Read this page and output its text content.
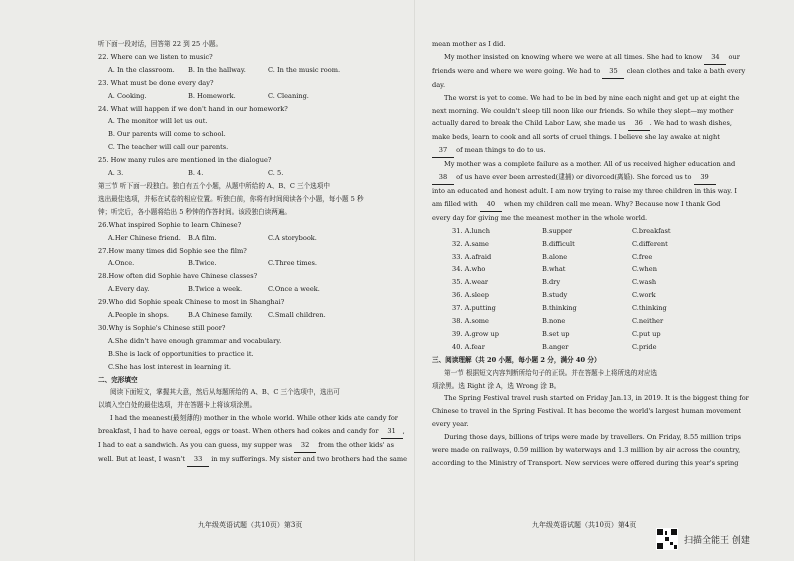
听下面一段对话，回答第 22 到 25 小题。
22. Where can we listen to music?
A. In the classroom.	B. In the hallway.	C. In the music room.
23. What must be done every day?
A. Cooking.	B. Homework.	C. Cleaning.
24. What will happen if we don't hand in our homework?
A. The monitor will let us out.
B. Our parents will come to school.
C. The teacher will call our parents.
25. How many rules are mentioned in the dialogue?
A. 3.	B. 4.	C. 5.
第三节 听下面一段独白。独白有五个小题，从题中所给的 A、B、C 三个选项中
选出最佳选项，并标在试卷的相应位置。听独白前，你将有时间阅读各个小题，每小题 5 秒
钟；听完后，各小题将给出 5 秒钟的作答时间。该段独白读两遍。
26.What inspired Sophie to learn Chinese?
A.Her Chinese friend.	B.A film.	C.A storybook.
27.How many times did Sophie see the film?
A.Once.	B.Twice.	C.Three times.
28.How often did Sophie have Chinese classes?
A.Every day.	B.Twice a week.	C.Once a week.
29.Who did Sophie speak Chinese to most in Shanghai?
A.People in shops.	B.A Chinese family.	C.Small children.
30.Why is Sophie's Chinese still poor?
A.She didn't have enough grammar and vocabulary.
B.She is lack of opportunities to practice it.
C.She has lost interest in learning it.
二、完形填空
阅读下面短文，掌握其大意，然后从每题所给的 A、B、C 三个选项中，选出可
以填入空白处的最佳选项，并在答题卡上将该项涂黑。
I had the meanest(最刻薄的) mother in the whole world. While other kids ate candy for
breakfast, I had to have cereal, eggs or toast. When others had cokes and candy for 31 ,
I had to eat a sandwich. As you can guess, my supper was 32 from the other kids' as
well. But at least, I wasn't 33 in my sufferings. My sister and two brothers had the same
九年级英语试题（共10页）第3页
mean mother as I did.
My mother insisted on knowing where we were at all times. She had to know 34 our
friends were and where we were going. We had to 35 clean clothes and take a bath every
day.
The worst is yet to come. We had to be in bed by nine each night and get up at eight the
next morning. We couldn't sleep till noon like our friends. So while they slept—my mother
actually dared to break the Child Labor Law, she made us 36 . We had to wash dishes,
make beds, learn to cook and all sorts of cruel things. I believe she lay awake at night
37 of mean things to do to us.
My mother was a complete failure as a mother. All of us received higher education and
38 of us have ever been arrested(逮捕) or divorced(离婚). She forced us to 39
into an educated and honest adult. I am now trying to raise my three children in this way. I
am filled with 40 when my children call me mean. Why? Because now I thank God
every day for giving me the meanest mother in the whole world.
31. A.lunch	B.supper	C.breakfast
32. A.same	B.difficult	C.different
33. A.afraid	B.alone	C.free
34. A.who	B.what	C.when
35. A.wear	B.dry	C.wash
36. A.sleep	B.study	C.work
37. A.putting	B.thinking	C.thinking
38. A.some	B.none	C.neither
39. A.grow up	B.set up	C.put up
40. A.fear	B.anger	C.pride
三、阅读理解（共 20 小题，每小题 2 分，满分 40 分）
第一节 根据短文内容判断所给句子的正误。并在答题卡上将所选的对应选
项涂黑。选 Right 涂 A，选 Wrong 涂 B。
The Spring Festival travel rush started on Friday Jan.13, in 2019. It is the biggest thing for
Chinese to travel in the Spring Festival. It has become the world's largest human movement
every year.
During those days, billions of trips were made by travellers. On Friday, 8.55 million trips
were made on railways, 0.59 million by waterways and 1.3 million by air across the country,
according to the Ministry of Transport. New services were offered during this year's spring
九年级英语试题（共10页）第4页
扫描全能王 创建
